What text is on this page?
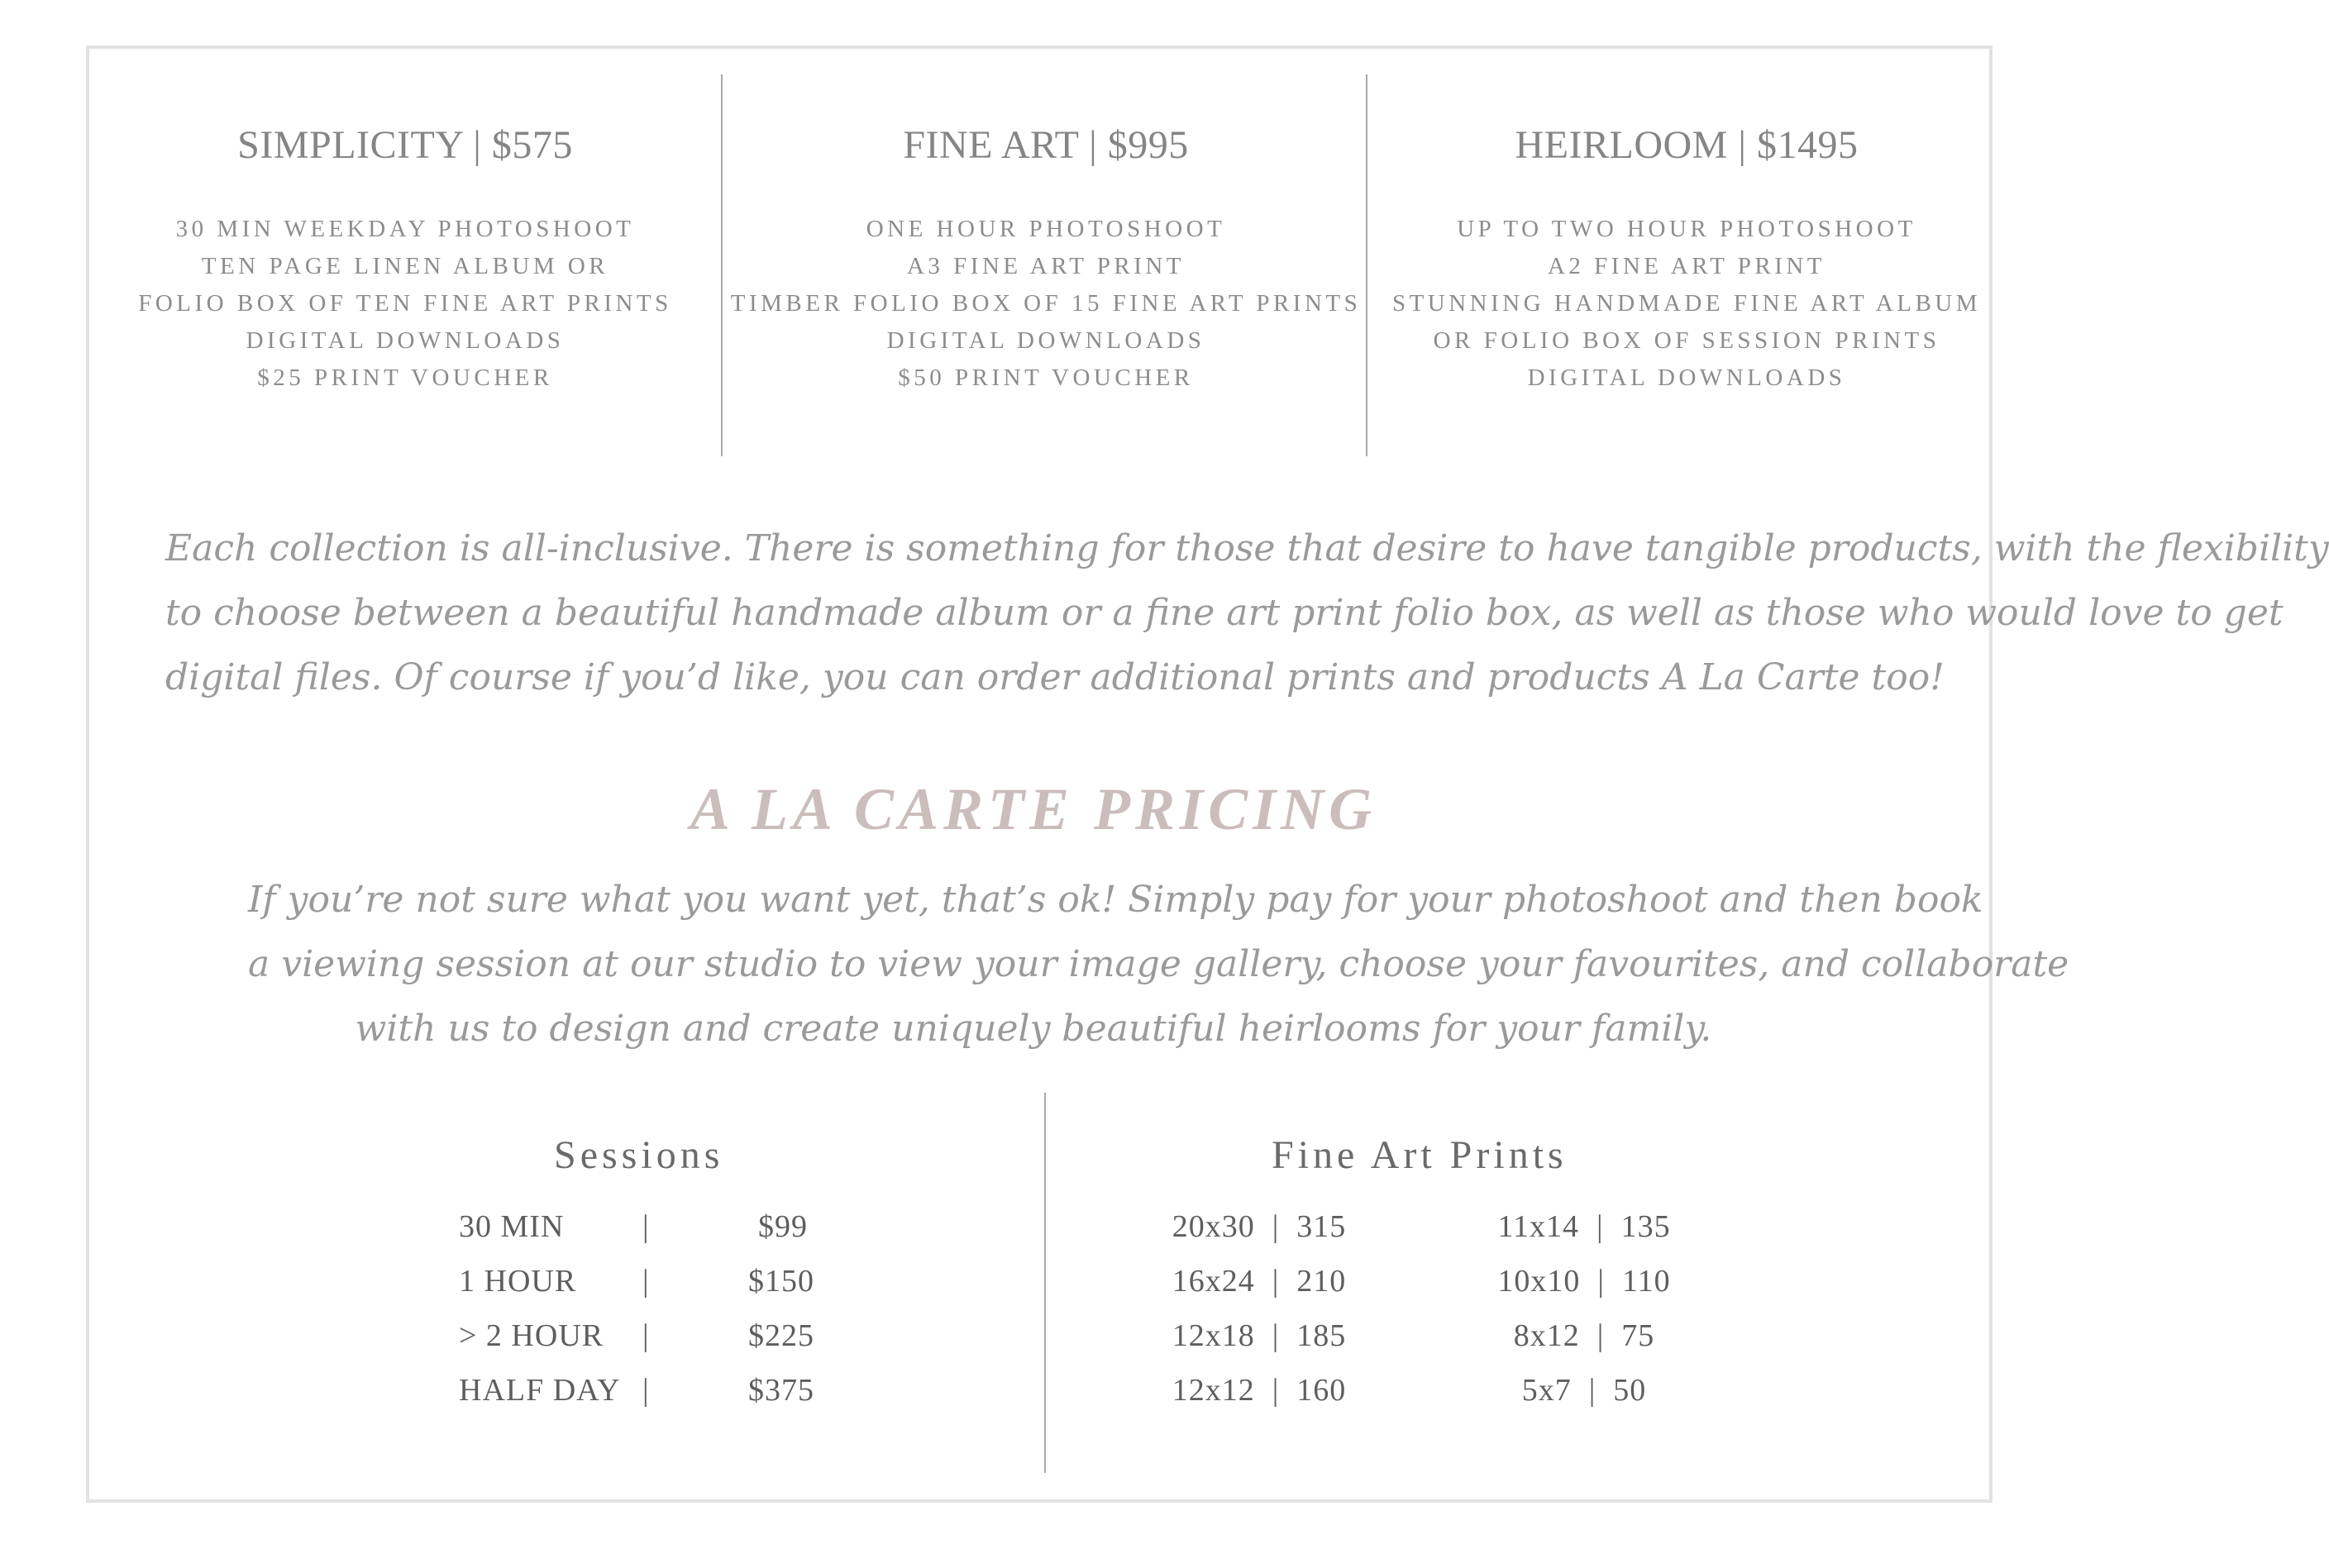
SIMPLICITY | $575
30 MIN WEEKDAY PHOTOSHOOT
TEN PAGE LINEN ALBUM OR
FOLIO BOX OF TEN FINE ART PRINTS
DIGITAL DOWNLOADS
$25 PRINT VOUCHER
FINE ART | $995
ONE HOUR PHOTOSHOOT
A3 FINE ART PRINT
TIMBER FOLIO BOX OF 15 FINE ART PRINTS
DIGITAL DOWNLOADS
$50 PRINT VOUCHER
HEIRLOOM | $1495
UP TO TWO HOUR PHOTOSHOOT
A2 FINE ART PRINT
STUNNING HANDMADE FINE ART ALBUM
OR FOLIO BOX OF SESSION PRINTS
DIGITAL DOWNLOADS
Each collection is all-inclusive. There is something for those that desire to have tangible products, with the flexibility
to choose between a beautiful handmade album or a fine art print folio box, as well as those who would love to get
digital files. Of course if you’d like, you can order additional prints and products A La Carte too!
A LA CARTE PRICING
If you’re not sure what you want yet, that’s ok! Simply pay for your photoshoot and then book
a viewing session at our studio to view your image gallery, choose your favourites, and collaborate
with us to design and create uniquely beautiful heirlooms for your family.
Sessions
30 MIN |	$99
1 HOUR |	$150
> 2 HOUR |	$225
HALF DAY |	$375
Fine Art Prints
20x30  |  315	11x14  |  135
16x24  |  210	10x10  |  110
12x18  |  185	8x12  |  75
12x12  |  160	5x7  |  50
